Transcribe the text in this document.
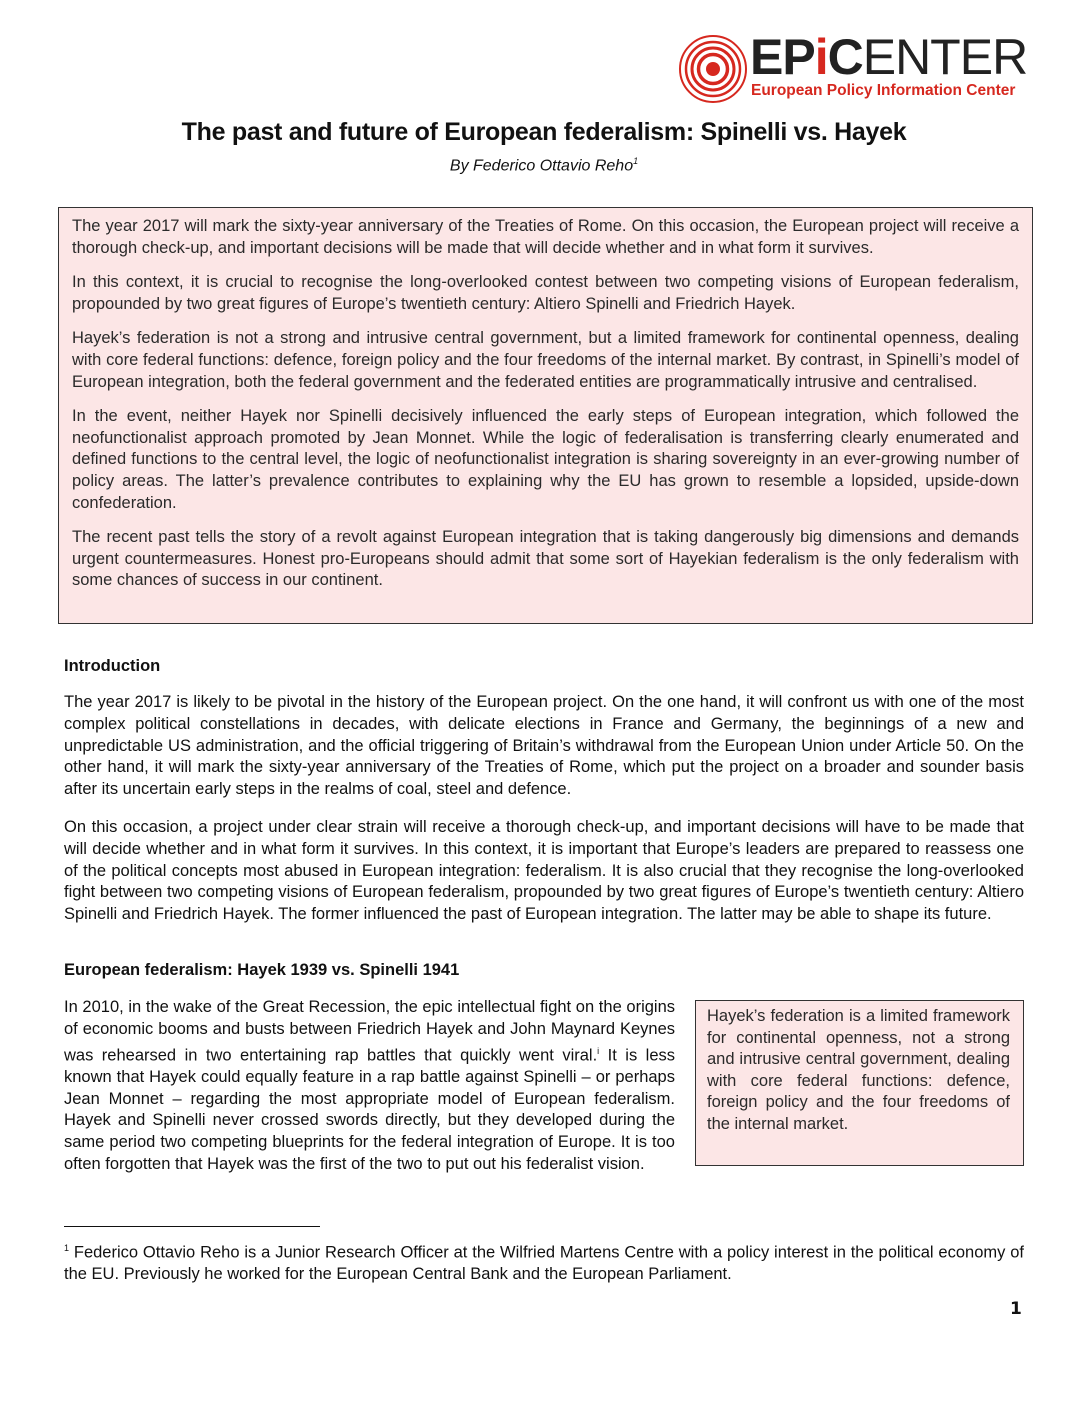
EPiCENTER
European Policy Information Center
The past and future of European federalism: Spinelli vs. Hayek
By Federico Ottavio Reho$^1$

The year 2017 will mark the sixty-year anniversary of the Treaties of Rome. On this occasion, the European project will receive a thorough check-up, and important decisions will be made that will decide whether and in what form it survives.

In this context, it is crucial to recognise the long-overlooked contest between two competing visions of European federalism, propounded by two great figures of Europe’s twentieth century: Altiero Spinelli and Friedrich Hayek.

Hayek’s federation is not a strong and intrusive central government, but a limited framework for continental openness, dealing with core federal functions: defence, foreign policy and the four freedoms of the internal market. By contrast, in Spinelli’s model of European integration, both the federal government and the federated entities are programmatically intrusive and centralised.

In the event, neither Hayek nor Spinelli decisively influenced the early steps of European integration, which followed the neofunctionalist approach promoted by Jean Monnet. While the logic of federalisation is transferring clearly enumerated and defined functions to the central level, the logic of neofunctionalist integration is sharing sovereignty in an ever-growing number of policy areas. The latter’s prevalence contributes to explaining why the EU has grown to resemble a lopsided, upside-down confederation.

The recent past tells the story of a revolt against European integration that is taking dangerously big dimensions and demands urgent countermeasures. Honest pro-Europeans should admit that some sort of Hayekian federalism is the only federalism with some chances of success in our continent.

Introduction

The year 2017 is likely to be pivotal in the history of the European project. On the one hand, it will confront us with one of the most complex political constellations in decades, with delicate elections in France and Germany, the beginnings of a new and unpredictable US administration, and the official triggering of Britain’s withdrawal from the European Union under Article 50. On the other hand, it will mark the sixty-year anniversary of the Treaties of Rome, which put the project on a broader and sounder basis after its uncertain early steps in the realms of coal, steel and defence.

On this occasion, a project under clear strain will receive a thorough check-up, and important decisions will have to be made that will decide whether and in what form it survives. In this context, it is important that Europe’s leaders are prepared to reassess one of the political concepts most abused in European integration: federalism. It is also crucial that they recognise the long-overlooked fight between two competing visions of European federalism, propounded by two great figures of Europe’s twentieth century: Altiero Spinelli and Friedrich Hayek. The former influenced the past of European integration. The latter may be able to shape its future.

European federalism: Hayek 1939 vs. Spinelli 1941

In 2010, in the wake of the Great Recession, the epic intellectual fight on the origins of economic booms and busts between Friedrich Hayek and John Maynard Keynes was rehearsed in two entertaining rap battles that quickly went viral.$^i$ It is less known that Hayek could equally feature in a rap battle against Spinelli – or perhaps Jean Monnet – regarding the most appropriate model of European federalism. Hayek and Spinelli never crossed swords directly, but they developed during the same period two competing blueprints for the federal integration of Europe. It is too often forgotten that Hayek was the first of the two to put out his federalist vision.

Hayek’s federation is a limited framework for continental openness, not a strong and intrusive central government, dealing with core federal functions: defence, foreign policy and the four freedoms of the internal market.

$^1$ Federico Ottavio Reho is a Junior Research Officer at the Wilfried Martens Centre with a policy interest in the political economy of the EU. Previously he worked for the European Central Bank and the European Parliament.

1
